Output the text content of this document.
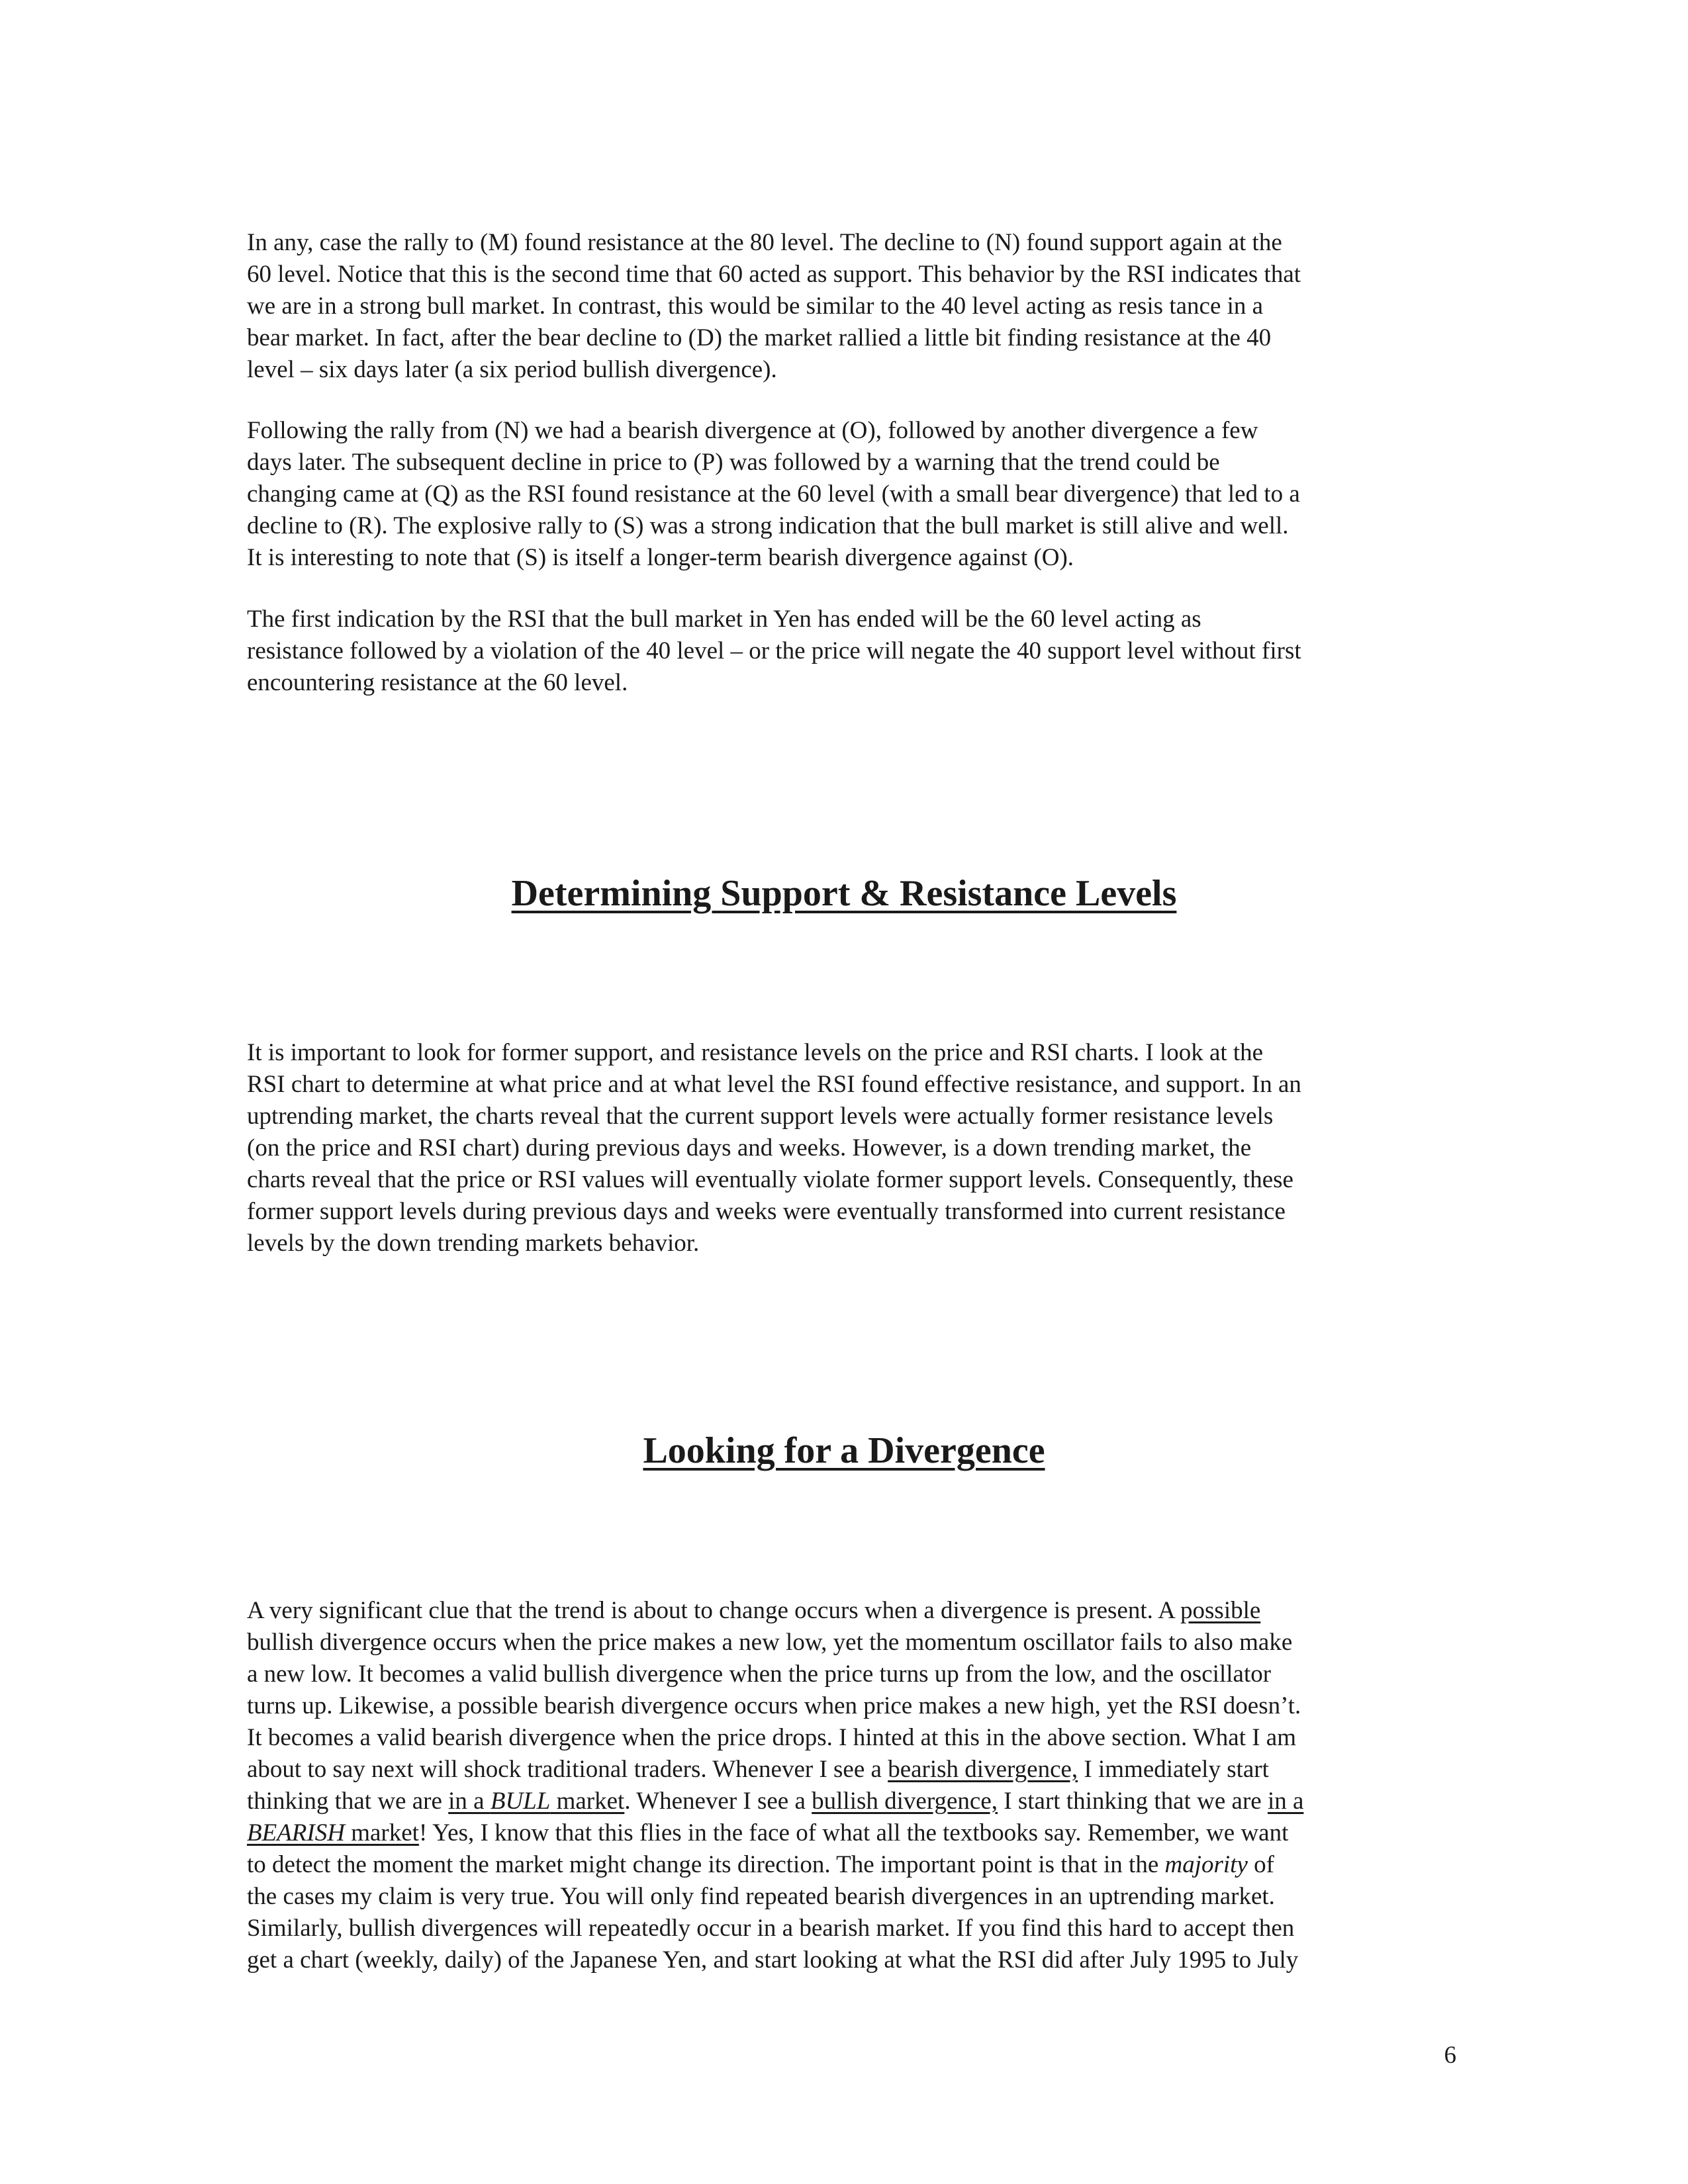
In any, case the rally to (M) found resistance at the 80 level. The decline to (N) found support again at the
60 level. Notice that this is the second time that 60 acted as support. This behavior by the RSI indicates that
we are in a strong bull market. In contrast, this would be similar to the 40 level acting as resis tance in a
bear market. In fact, after the bear decline to (D) the market rallied a little bit finding resistance at the 40
level – six days later (a six period bullish divergence).

Following the rally from (N) we had a bearish divergence at (O), followed by another divergence a few
days later. The subsequent decline in price to (P) was followed by a warning that the trend could be
changing came at (Q) as the RSI found resistance at the 60 level (with a small bear divergence) that led to a
decline to (R). The explosive rally to (S) was a strong indication that the bull market is still alive and well.
It is interesting to note that (S) is itself a longer-term bearish divergence against (O).

The first indication by the RSI that the bull market in Yen has ended will be the 60 level acting as
resistance followed by a violation of the 40 level – or the price will negate the 40 support level without first
encountering resistance at the 60 level.

Determining Support & Resistance Levels

It is important to look for former support, and resistance levels on the price and RSI charts. I look at the
RSI chart to determine at what price and at what level the RSI found effective resistance, and support. In an
uptrending market, the charts reveal that the current support levels were actually former resistance levels
(on the price and RSI chart) during previous days and weeks. However, is a down trending market, the
charts reveal that the price or RSI values will eventually violate former support levels. Consequently, these
former support levels during previous days and weeks were eventually transformed into current resistance
levels by the down trending markets behavior.

Looking for a Divergence

A very significant clue that the trend is about to change occurs when a divergence is present. A possible
bullish divergence occurs when the price makes a new low, yet the momentum oscillator fails to also make
a new low. It becomes a valid bullish divergence when the price turns up from the low, and the oscillator
turns up. Likewise, a possible bearish divergence occurs when price makes a new high, yet the RSI doesn’t.
It becomes a valid bearish divergence when the price drops. I hinted at this in the above section. What I am
about to say next will shock traditional traders. Whenever I see a bearish divergence, I immediately start
thinking that we are in a BULL market. Whenever I see a bullish divergence, I start thinking that we are in a
BEARISH market! Yes, I know that this flies in the face of what all the textbooks say. Remember, we want
to detect the moment the market might change its direction. The important point is that in the majority of
the cases my claim is very true. You will only find repeated bearish divergences in an uptrending market.
Similarly, bullish divergences will repeatedly occur in a bearish market. If you find this hard to accept then
get a chart (weekly, daily) of the Japanese Yen, and start looking at what the RSI did after July 1995 to July

6
